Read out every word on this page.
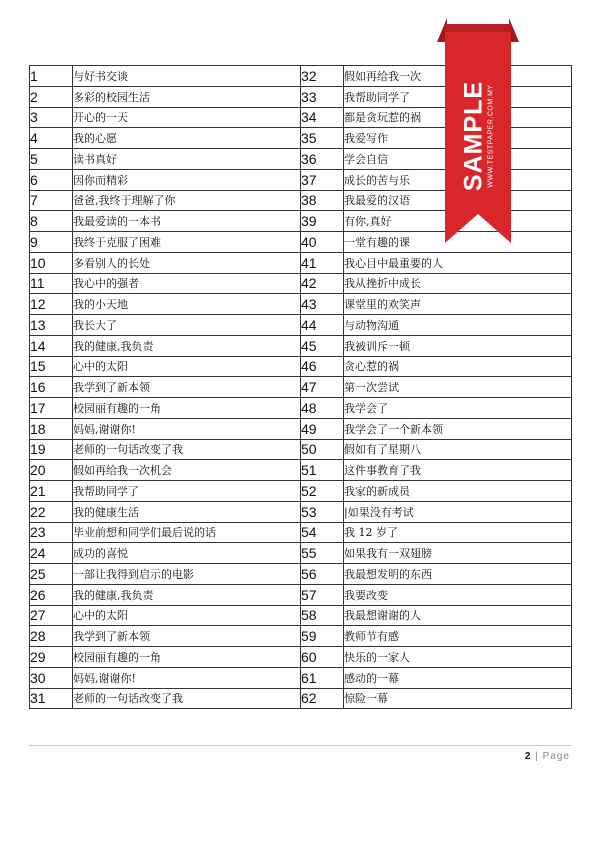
1	与好书交谈	32	假如再给我一次
2	多彩的校园生活	33	我帮助同学了
3	开心的一天	34	都是贪玩惹的祸
4	我的心愿	35	我爱写作
5	读书真好	36	学会自信
6	因你而精彩	37	成长的苦与乐
7	爸爸,我终于理解了你	38	我最爱的汉语
8	我最爱读的一本书	39	有你,真好
9	我终于克服了困难	40	一堂有趣的课
10	多看别人的长处	41	我心目中最重要的人
11	我心中的强者	42	我从挫折中成长
12	我的小天地	43	课堂里的欢笑声
13	我长大了	44	与动物沟通
14	我的健康,我负责	45	我被训斥一顿
15	心中的太阳	46	贪心惹的祸
16	我学到了新本领	47	第一次尝试
17	校园丽有趣的一角	48	我学会了
18	妈妈,谢谢你!	49	我学会了一个新本领
19	老师的一句话改变了我	50	假如有了星期八
20	假如再给我一次机会	51	这件事教育了我
21	我帮助同学了	52	我家的新成员
22	我的健康生活	53	|如果没有考试
23	毕业前想和同学们最后说的话	54	我 12 岁了
24	成功的喜悦	55	如果我有一双翅膀
25	一部让我得到启示的电影	56	我最想发明的东西
26	我的健康,我负责	57	我要改变
27	心中的太阳	58	我最想谢谢的人
28	我学到了新本领	59	教师节有感
29	校园丽有趣的一角	60	快乐的一家人
30	妈妈,谢谢你!	61	感动的一幕
31	老师的一句话改变了我	62	惊险一幕
2 | Page
SAMPLE WWW.TESTPAPER.COM.MY
